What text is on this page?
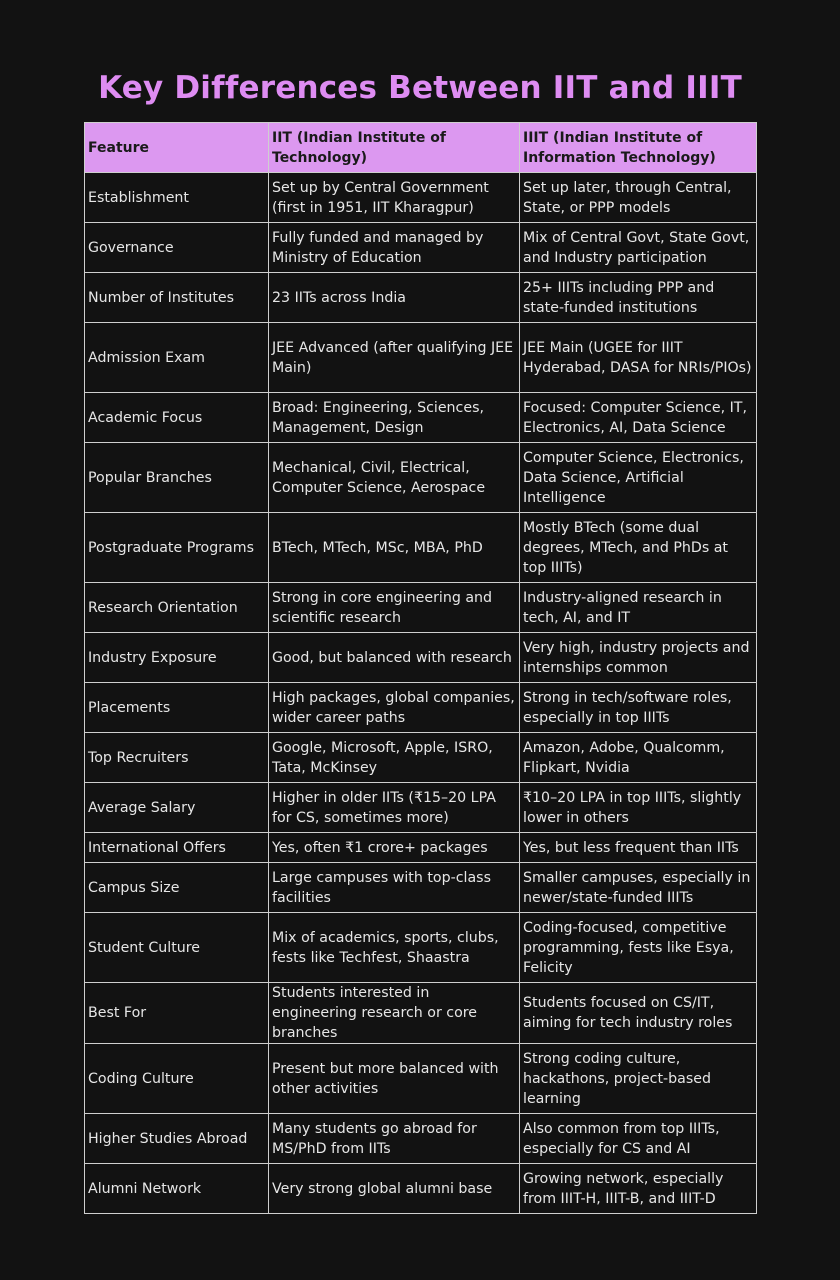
Key Differences Between IIT and IIIT
Feature	IIT (Indian Institute of Technology)	IIIT (Indian Institute of Information Technology)
Establishment	Set up by Central Government (first in 1951, IIT Kharagpur)	Set up later, through Central, State, or PPP models
Governance	Fully funded and managed by Ministry of Education	Mix of Central Govt, State Govt, and Industry participation
Number of Institutes	23 IITs across India	25+ IIITs including PPP and state-funded institutions
Admission Exam	JEE Advanced (after qualifying JEE Main)	JEE Main (UGEE for IIIT Hyderabad, DASA for NRIs/PIOs)
Academic Focus	Broad: Engineering, Sciences, Management, Design	Focused: Computer Science, IT, Electronics, AI, Data Science
Popular Branches	Mechanical, Civil, Electrical, Computer Science, Aerospace	Computer Science, Electronics, Data Science, Artificial Intelligence
Postgraduate Programs	BTech, MTech, MSc, MBA, PhD	Mostly BTech (some dual degrees, MTech, and PhDs at top IIITs)
Research Orientation	Strong in core engineering and scientific research	Industry-aligned research in tech, AI, and IT
Industry Exposure	Good, but balanced with research	Very high, industry projects and internships common
Placements	High packages, global companies, wider career paths	Strong in tech/software roles, especially in top IIITs
Top Recruiters	Google, Microsoft, Apple, ISRO, Tata, McKinsey	Amazon, Adobe, Qualcomm, Flipkart, Nvidia
Average Salary	Higher in older IITs (₹15–20 LPA for CS, sometimes more)	₹10–20 LPA in top IIITs, slightly lower in others
International Offers	Yes, often ₹1 crore+ packages	Yes, but less frequent than IITs
Campus Size	Large campuses with top-class facilities	Smaller campuses, especially in newer/state-funded IIITs
Student Culture	Mix of academics, sports, clubs, fests like Techfest, Shaastra	Coding-focused, competitive programming, fests like Esya, Felicity
Best For	Students interested in engineering research or core branches	Students focused on CS/IT, aiming for tech industry roles
Coding Culture	Present but more balanced with other activities	Strong coding culture, hackathons, project-based learning
Higher Studies Abroad	Many students go abroad for MS/PhD from IITs	Also common from top IIITs, especially for CS and AI
Alumni Network	Very strong global alumni base	Growing network, especially from IIIT-H, IIIT-B, and IIIT-D
